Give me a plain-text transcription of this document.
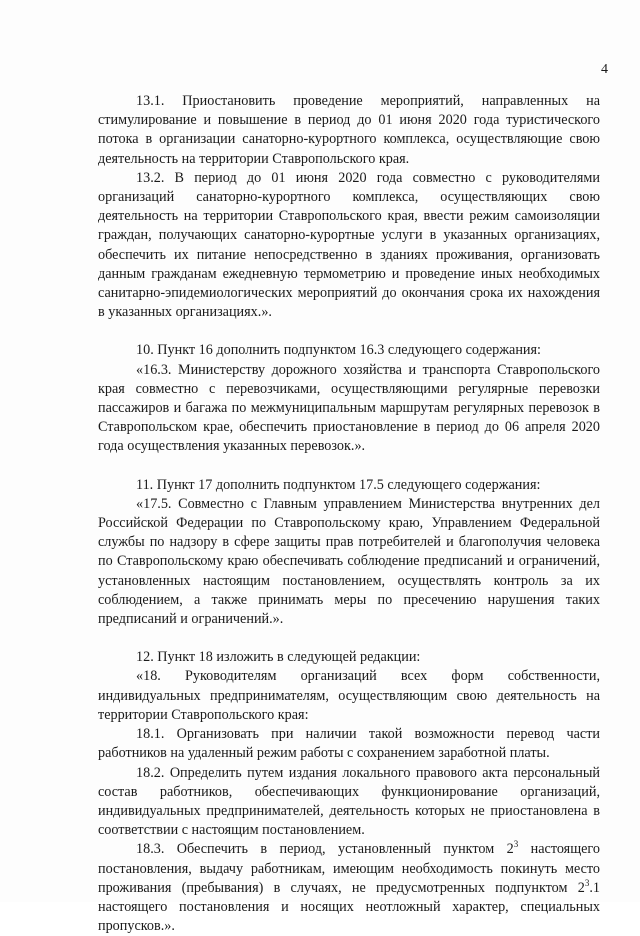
4

13.1. Приостановить проведение мероприятий, направленных на стимулирование и повышение в период до 01 июня 2020 года туристического потока в организации санаторно-курортного комплекса, осуществляющие свою деятельность на территории Ставропольского края.

13.2. В период до 01 июня 2020 года совместно с руководителями организаций санаторно-курортного комплекса, осуществляющих свою деятельность на территории Ставропольского края, ввести режим самоизоляции граждан, получающих санаторно-курортные услуги в указанных организациях, обеспечить их питание непосредственно в зданиях проживания, организовать данным гражданам ежедневную термометрию и проведение иных необходимых санитарно-эпидемиологических мероприятий до окончания срока их нахождения в указанных организациях.».

10. Пункт 16 дополнить подпунктом 16.3 следующего содержания:

«16.3. Министерству дорожного хозяйства и транспорта Ставропольского края совместно с перевозчиками, осуществляющими регулярные перевозки пассажиров и багажа по межмуниципальным маршрутам регулярных перевозок в Ставропольском крае, обеспечить приостановление в период до 06 апреля 2020 года осуществления указанных перевозок.».

11. Пункт 17 дополнить подпунктом 17.5 следующего содержания:

«17.5. Совместно с Главным управлением Министерства внутренних дел Российской Федерации по Ставропольскому краю, Управлением Федеральной службы по надзору в сфере защиты прав потребителей и благополучия человека по Ставропольскому краю обеспечивать соблюдение предписаний и ограничений, установленных настоящим постановлением, осуществлять контроль за их соблюдением, а также принимать меры по пресечению нарушения таких предписаний и ограничений.».

12. Пункт 18 изложить в следующей редакции:

«18. Руководителям организаций всех форм собственности, индивидуальных предпринимателям, осуществляющим свою деятельность на территории Ставропольского края:

18.1. Организовать при наличии такой возможности перевод части работников на удаленный режим работы с сохранением заработной платы.

18.2. Определить путем издания локального правового акта персональный состав работников, обеспечивающих функционирование организаций, индивидуальных предпринимателей, деятельность которых не приостановлена в соответствии с настоящим постановлением.

18.3. Обеспечить в период, установленный пунктом $2^3$ настоящего постановления, выдачу работникам, имеющим необходимость покинуть место проживания (пребывания) в случаях, не предусмотренных подпунктом $2^3.1$ настоящего постановления и носящих неотложный характер, специальных пропусков.».
